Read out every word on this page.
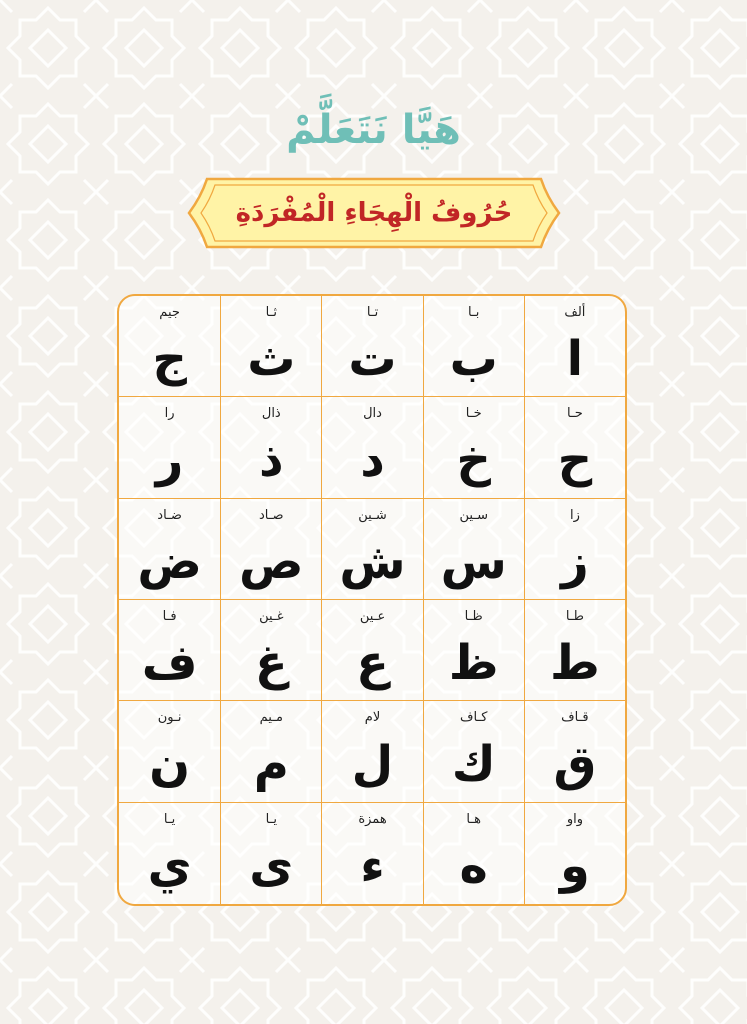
هَيَّا نَتَعَلَّمْ
حُرُوفُ الْهِجَاءِ الْمُفْرَدَةِ
ألف
ا
بـا
ب
تـا
ت
ثـا
ث
جيم
ج
حـا
ح
خـا
خ
دال
د
ذال
ذ
را
ر
زا
ز
سـين
س
شـين
ش
صـاد
ص
ضـاد
ض
طـا
ط
ظـا
ظ
عـين
ع
غـين
غ
فـا
ف
قـاف
ق
كـاف
ك
لام
ل
مـيم
م
نـون
ن
واو
و
هـا
ه
همزة
ء
يـا
ى
يـا
ي
